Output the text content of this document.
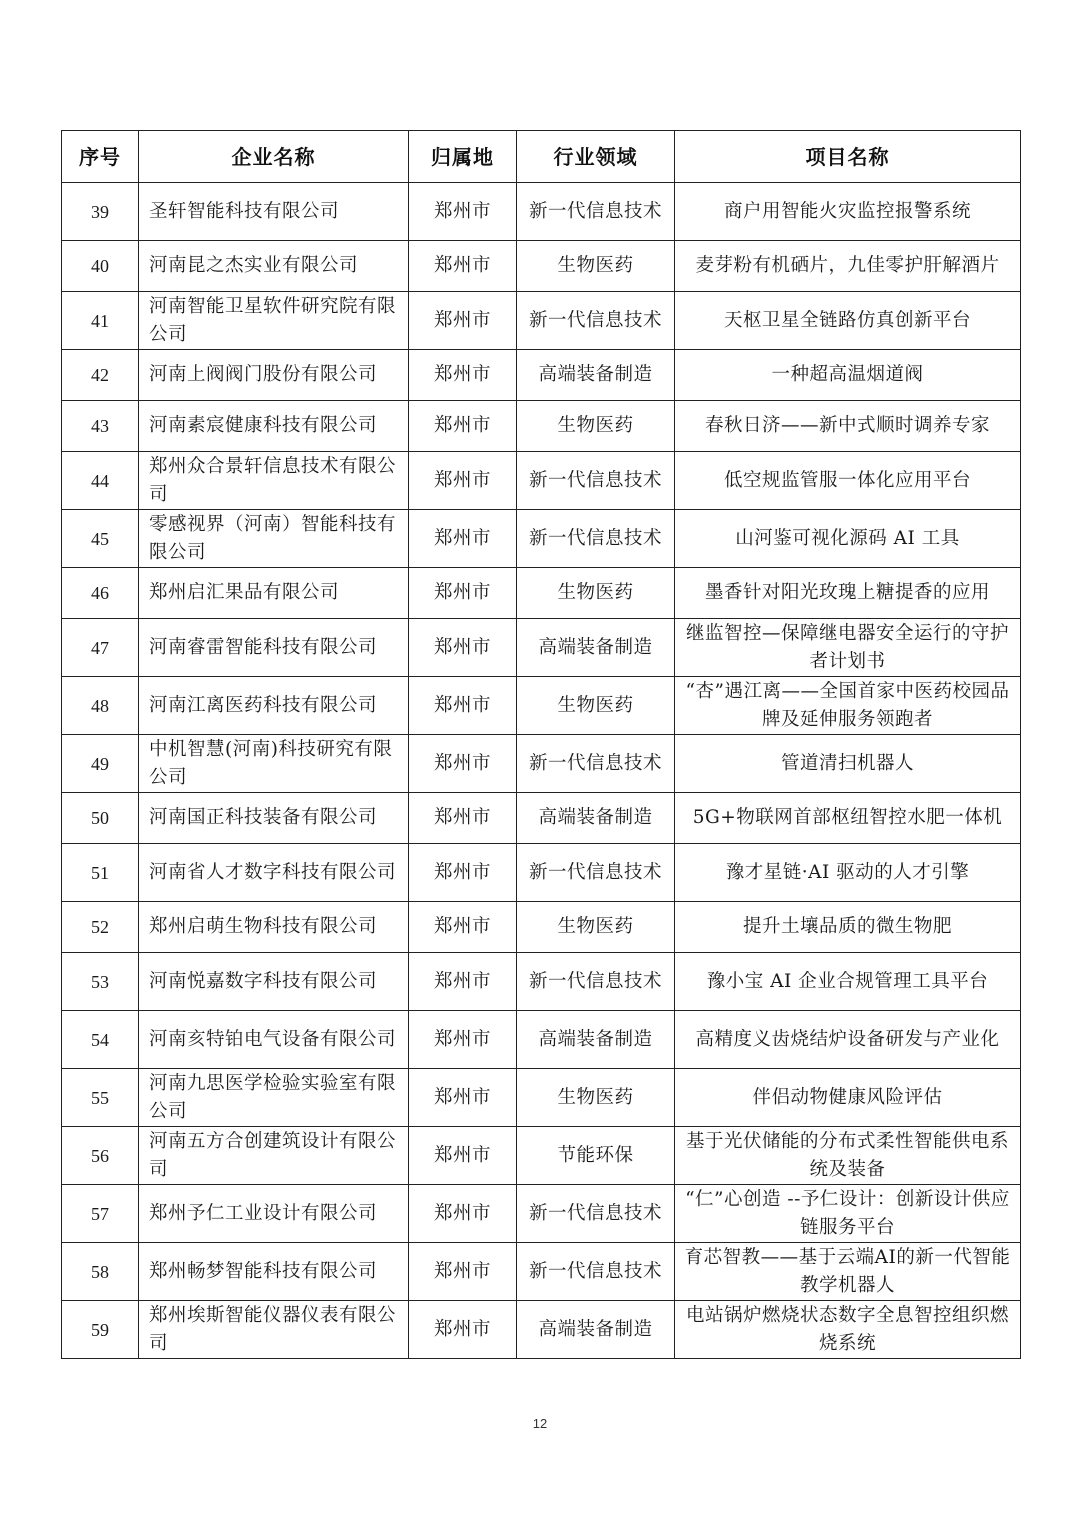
序号	企业名称	归属地	行业领域	项目名称
39	圣轩智能科技有限公司	郑州市	新一代信息技术	商户用智能火灾监控报警系统
40	河南昆之杰实业有限公司	郑州市	生物医药	麦芽粉有机硒片，九佳零护肝解酒片
41	河南智能卫星软件研究院有限公司	郑州市	新一代信息技术	天枢卫星全链路仿真创新平台
42	河南上阀阀门股份有限公司	郑州市	高端装备制造	一种超高温烟道阀
43	河南素宸健康科技有限公司	郑州市	生物医药	春秋日济——新中式顺时调养专家
44	郑州众合景轩信息技术有限公司	郑州市	新一代信息技术	低空规监管服一体化应用平台
45	零感视界（河南）智能科技有限公司	郑州市	新一代信息技术	山河鉴可视化源码 AI 工具
46	郑州启汇果品有限公司	郑州市	生物医药	墨香针对阳光玫瑰上糖提香的应用
47	河南睿雷智能科技有限公司	郑州市	高端装备制造	继监智控—保障继电器安全运行的守护者计划书
48	河南江离医药科技有限公司	郑州市	生物医药	“杏”遇江离——全国首家中医药校园品牌及延伸服务领跑者
49	中机智慧(河南)科技研究有限公司	郑州市	新一代信息技术	管道清扫机器人
50	河南国正科技装备有限公司	郑州市	高端装备制造	5G+物联网首部枢纽智控水肥一体机
51	河南省人才数字科技有限公司	郑州市	新一代信息技术	豫才星链·AI 驱动的人才引擎
52	郑州启萌生物科技有限公司	郑州市	生物医药	提升土壤品质的微生物肥
53	河南悦嘉数字科技有限公司	郑州市	新一代信息技术	豫小宝 AI 企业合规管理工具平台
54	河南亥特铂电气设备有限公司	郑州市	高端装备制造	高精度义齿烧结炉设备研发与产业化
55	河南九思医学检验实验室有限公司	郑州市	生物医药	伴侣动物健康风险评估
56	河南五方合创建筑设计有限公司	郑州市	节能环保	基于光伏储能的分布式柔性智能供电系统及装备
57	郑州予仁工业设计有限公司	郑州市	新一代信息技术	“仁”心创造 --予仁设计：创新设计供应链服务平台
58	郑州畅梦智能科技有限公司	郑州市	新一代信息技术	育芯智教——基于云端AI的新一代智能教学机器人
59	郑州埃斯智能仪器仪表有限公司	郑州市	高端装备制造	电站锅炉燃烧状态数字全息智控组织燃烧系统
12
